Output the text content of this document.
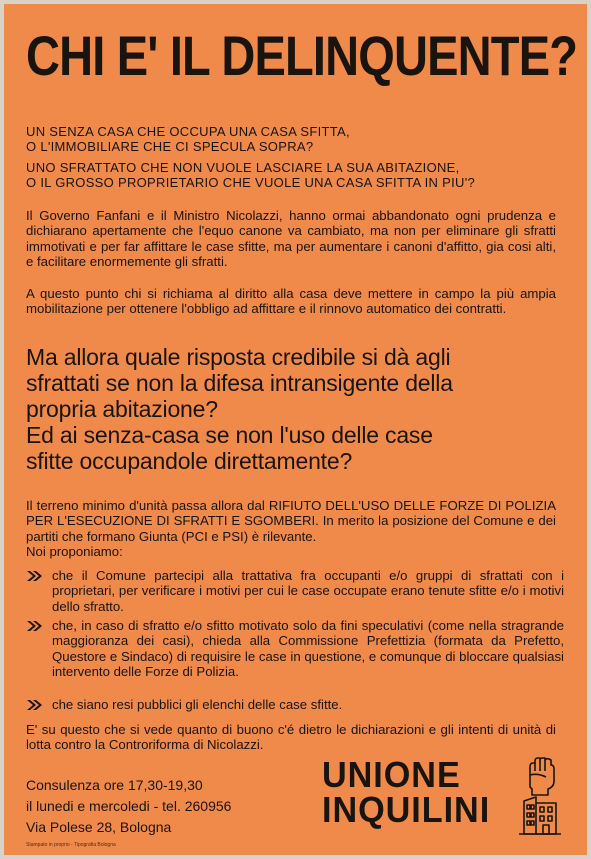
CHI E' IL DELINQUENTE?
UN SENZA CASA CHE OCCUPA UNA CASA SFITTA,
O L'IMMOBILIARE CHE CI SPECULA SOPRA?
UNO SFRATTATO CHE NON VUOLE LASCIARE LA SUA ABITAZIONE,
O IL GROSSO PROPRIETARIO CHE VUOLE UNA CASA SFITTA IN PIU'?
Il Governo Fanfani e il Ministro Nicolazzi, hanno ormai abbandonato ogni prudenza e dichiarano apertamente che l'equo canone va cambiato, ma non per eliminare gli sfratti immotivati e per far affittare le case sfitte, ma per aumentare i canoni d'affitto, gia cosi alti, e facilitare enormemente gli sfratti.
A questo punto chi si richiama al diritto alla casa deve mettere in campo la più ampia mobilitazione per ottenere l'obbligo ad affittare e il rinnovo automatico dei contratti.
Ma allora quale risposta credibile si dà agli
sfrattati se non la difesa intransigente della
propria abitazione?
Ed ai senza-casa se non l'uso delle case
sfitte occupandole direttamente?
Il terreno minimo d'unità passa allora dal RIFIUTO DELL'USO DELLE FORZE DI POLIZIA PER L'ESECUZIONE DI SFRATTI E SGOMBERI. In merito la posizione del Comune e dei partiti che formano Giunta (PCI e PSI) è rilevante.
Noi proponiamo:
che il Comune partecipi alla trattativa fra occupanti e/o gruppi di sfrattati con i proprietari, per verificare i motivi per cui le case occupate erano tenute sfitte e/o i motivi dello sfratto.
che, in caso di sfratto e/o sfitto motivato solo da fini speculativi (come nella stragrande maggioranza dei casi), chieda alla Commissione Prefettizia (formata da Prefetto, Questore e Sindaco) di requisire le case in questione, e comunque di bloccare qualsiasi intervento delle Forze di Polizia.
che siano resi pubblici gli elenchi delle case sfitte.
E' su questo che si vede quanto di buono c'é dietro le dichiarazioni e gli intenti di unità di lotta contro la Controriforma di Nicolazzi.
Consulenza ore 17,30-19,30
il lunedi e mercoledi - tel. 260956
Via Polese 28, Bologna
UNIONE
INQUILINI
Stampato in proprio - Tipografia Bologna
